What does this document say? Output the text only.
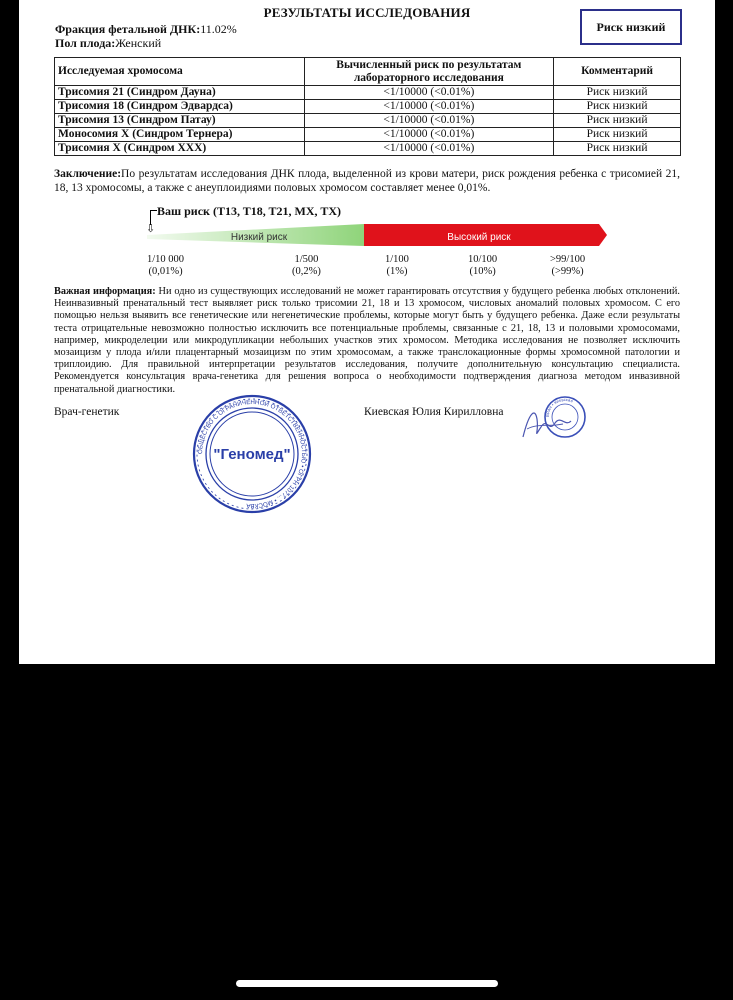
РЕЗУЛЬТАТЫ ИССЛЕДОВАНИЯ
Фракция фетальной ДНК:11.02%
Пол плода:Женский
Риск низкий
Исследуемая хромосома	Вычисленный риск по результатам лабораторного исследования	Комментарий
Трисомия 21 (Синдром Дауна)	<1/10000 (<0.01%)	Риск низкий
Трисомия 18 (Синдром Эдвардса)	<1/10000 (<0.01%)	Риск низкий
Трисомия 13 (Синдром Патау)	<1/10000 (<0.01%)	Риск низкий
Моносомия Х (Синдром Тернера)	<1/10000 (<0.01%)	Риск низкий
Трисомия Х (Синдром ХХХ)	<1/10000 (<0.01%)	Риск низкий
Заключение:По результатам исследования ДНК плода, выделенной из крови матери, риск рождения ребенка с трисомией 21, 18, 13 хромосомы, а также с анеуплоидиями половых хромосом составляет менее 0,01%.
Ваш риск (T13, T18, T21, MX, TX)
⇩
Низкий риск	Высокий риск
1/10 000
(0,01%)
1/500
(0,2%)
1/100
(1%)
10/100
(10%)
>99/100
(>99%)
Важная информация: Ни одно из существующих исследований не может гарантировать отсутствия у будущего ребенка любых отклонений. Неинвазивный пренатальный тест выявляет риск только трисомии 21, 18 и 13 хромосом, числовых аномалий половых хромосом. С его помощью нельзя выявить все генетические или негенетические проблемы, которые могут быть у будущего ребенка. Даже если результаты теста отрицательные невозможно полностью исключить все потенциальные проблемы, связанные с 21, 18, 13 и половыми хромосомами, например, микроделеции или микродупликации небольших участков этих хромосом. Методика исследования не позволяет исключить мозаицизм у плода и/или плацентарный мозаицизм по этим хромосомам, а также транслокационные формы хромосомной патологии и триплоидию. Для правильной интерпретации результатов исследования, получите дополнительную консультацию специалиста. Рекомендуется консультация врача-генетика для решения вопроса о необходимости подтверждения диагноза методом инвазивной пренатальной диагностики.
Врач-генетик	Киевская Юлия Кирилловна
"Геномед"
ОБЩЕСТВО С ОГРАНИЧЕННОЙ ОТВЕТСТВЕННОСТЬЮ • ОГРН 1077... • МОСКВА
ВРАЧ • Киевская
